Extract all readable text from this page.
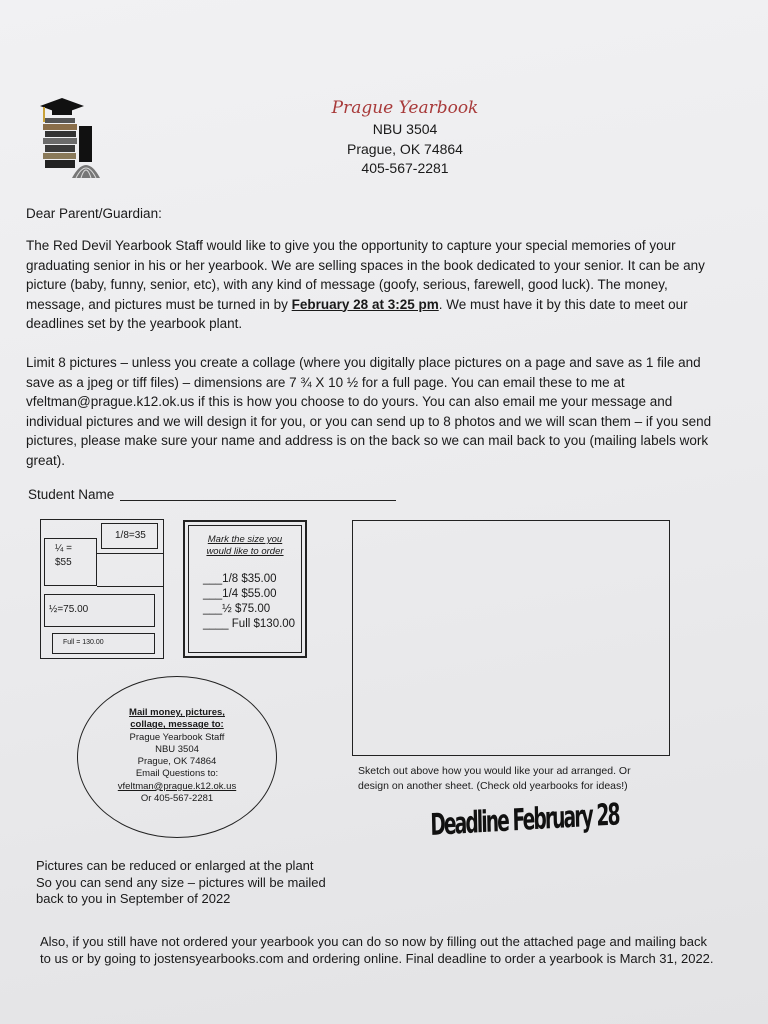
Prague Yearbook
NBU 3504
Prague, OK 74864
405-567-2281
Dear Parent/Guardian:
The Red Devil Yearbook Staff would like to give you the opportunity to capture your special memories of your graduating senior in his or her yearbook. We are selling spaces in the book dedicated to your senior. It can be any picture (baby, funny, senior, etc), with any kind of message (goofy, serious, farewell, good luck). The money, message, and pictures must be turned in by February 28 at 3:25 pm. We must have it by this date to meet our deadlines set by the yearbook plant.
Limit 8 pictures – unless you create a collage (where you digitally place pictures on a page and save as 1 file and save as a jpeg or tiff files) – dimensions are 7 ¾ X 10 ½ for a full page. You can email these to me at vfeltman@prague.k12.ok.us if this is how you choose to do yours. You can also email me your message and individual pictures and we will design it for you, or you can send up to 8 photos and we will scan them – if you send pictures, please make sure your name and address is on the back so we can mail back to you (mailing labels work great).
Student Name
¼ =
$55
1/8=35
½=75.00
Full = 130.00
Mark the size you
would like to order
___1/8 $35.00
___1/4 $55.00
___½ $75.00
____ Full $130.00
Sketch out above how you would like your ad arranged. Or design on another sheet. (Check old yearbooks for ideas!)
Mail money, pictures,
collage, message to:
Prague Yearbook Staff
NBU 3504
Prague, OK 74864
Email Questions to:
vfeltman@prague.k12.ok.us
Or 405-567-2281	Deadline February 28
Pictures can be reduced or enlarged at the plant
So you can send any size – pictures will be mailed
back to you in September of 2022
Also, if you still have not ordered your yearbook you can do so now by filling out the attached page and mailing back to us or by going to jostensyearbooks.com and ordering online. Final deadline to order a yearbook is March 31, 2022.
